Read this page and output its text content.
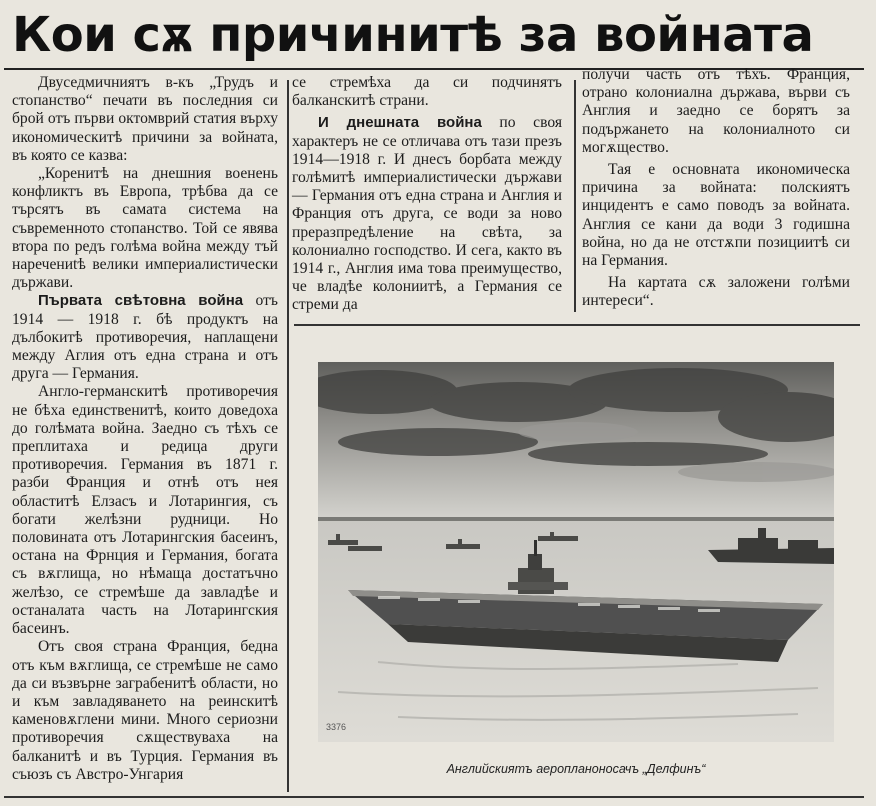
Кои сѫ причинитѣ за войната

Двуседмичниятъ в-къ „Трудъ и стопанство“ печати въ последния си брой отъ първи октомврий статия върху икономическитѣ причини за войната, въ която се казва:

„Коренитѣ на днешния военень конфликтъ въ Европа, трѣбва да се търсятъ въ самата система на съвременното стопанство. Той се явява втора по редъ голѣма война между тъй наречениtѣ велики империалистически държави.

Първата свѣтовна война отъ 1914 — 1918 г. бѣ продуктъ на дълбокитѣ противоречия, наплащени между Аглия отъ една страна и отъ друга — Германия.

Англо-германскитѣ противоречия не бѣха единственитѣ, които доведоха до голѣмата война. Заедно съ тѣхъ се преплитаха и редица други противоречия. Германия въ 1871 г. разби Франция и отнѣ отъ нея областитѣ Елзасъ и Лотарингия, съ богати желѣзни рудници. Но половината отъ Лотарингския басеинъ, остана на Фрнция и Германия, богата съ вѫглища, но нѣмаща достатъчно желѣзо, се стремѣше да завладѣе и останалата часть на Лотарингския басеинъ.

Отъ своя страна Франция, бедна отъ към вѫглища, се стремѣше не само да си възвърне заграбенитѣ области, но и към завладяването на реинскитѣ каменовѫглени мини. Много сериозни противоречия сѫществуваха на балканитѣ и въ Турция. Германия въ съюзъ съ Австро-Унгария

се стремѣха да си подчинятъ балканскитѣ страни.

И днешната война по своя характеръ не се отличава отъ тази презъ 1914—1918 г. И днесъ борбата между голѣмитѣ империалистически държави — Германия отъ една страна и Англия и Франция отъ друга, се води за ново преразпредѣление на свѣта, за колониално господство. И сега, както въ 1914 г., Англия има това преимущество, че владѣе колониитѣ, а Германия се стреми да

получи часть отъ тѣхъ. Франция, отрано колониална държава, върви съ Англия и заедно се борятъ за подържането на колониалното си могѫщество.

Тая е основната икономическа причина за войната: полскиятъ инцидентъ е само поводъ за войната. Англия се кани да води 3 годишна война, но да не отстѫпи позициитѣ си на Германия.

На картата сѫ заложени голѣми интереси“.

3376
Английскиятъ аеропланоносачъ „Делфинъ“
